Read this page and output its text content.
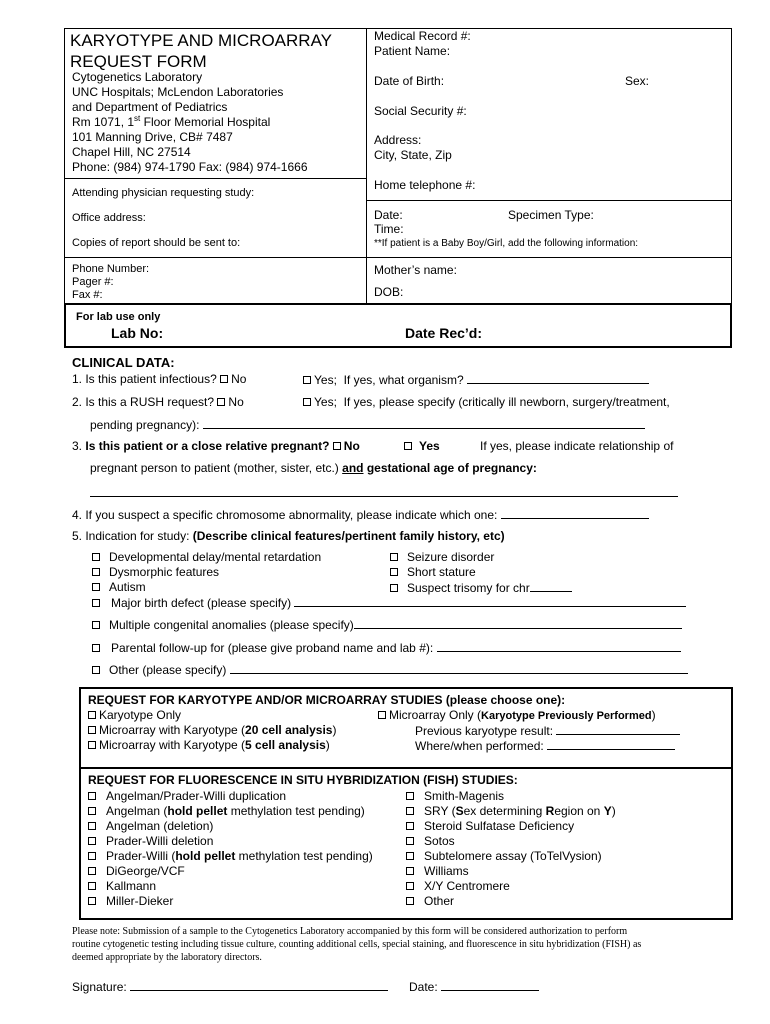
For lab use only
Lab No:	Date Rec’d:
KARYOTYPE AND MICROARRAY
REQUEST FORM
Cytogenetics Laboratory
UNC Hospitals; McLendon Laboratories
and Department of Pediatrics
Rm 1071, 1st Floor Memorial Hospital
101 Manning Drive, CB# 7487
Chapel Hill, NC 27514
Phone: (984) 974-1790 Fax: (984) 974-1666
Attending physician requesting study:
Office address:
Copies of report should be sent to:
Phone Number:
Pager #:
Fax #:
Medical Record #:
Patient Name:
Date of Birth:	Sex:
Social Security #:
Address:
City, State, Zip
Home telephone #:
Date:	Specimen Type:
Time:
**If patient is a Baby Boy/Girl, add the following information:
Mother’s name:
DOB:
CLINICAL DATA:
1. Is this patient infectious? No	Yes; If yes, what organism?
2. Is this a RUSH request? No	Yes; If yes, please specify (critically ill newborn, surgery/treatment,
pending pregnancy):
3. Is this patient or a close relative pregnant? No	Yes	If yes, please indicate relationship of
pregnant person to patient (mother, sister, etc.) and gestational age of pregnancy:
4. If you suspect a specific chromosome abnormality, please indicate which one:
5. Indication for study: (Describe clinical features/pertinent family history, etc)
Developmental delay/mental retardation
Dysmorphic features
Autism
Seizure disorder
Short stature
Suspect trisomy for chr
Major birth defect (please specify)
Multiple congenital anomalies (please specify)
Parental follow-up for (please give proband name and lab #):
Other (please specify)
REQUEST FOR KARYOTYPE AND/OR MICROARRAY STUDIES (please choose one):
Karyotype Only
Microarray with Karyotype (20 cell analysis)
Microarray with Karyotype (5 cell analysis)
Microarray Only (Karyotype Previously Performed)
Previous karyotype result:
Where/when performed:
REQUEST FOR FLUORESCENCE IN SITU HYBRIDIZATION (FISH) STUDIES:
Angelman/Prader-Willi duplication
Angelman (hold pellet methylation test pending)
Angelman (deletion)
Prader-Willi deletion
Prader-Willi (hold pellet methylation test pending)
DiGeorge/VCF
Kallmann
Miller-Dieker
Smith-Magenis
SRY (Sex determining Region on Y)
Steroid Sulfatase Deficiency
Sotos
Subtelomere assay (ToTelVysion)
Williams
X/Y Centromere
Other
Please note: Submission of a sample to the Cytogenetics Laboratory accompanied by this form will be considered authorization to perform
routine cytogenetic testing including tissue culture, counting additional cells, special staining, and fluorescence in situ hybridization (FISH) as
deemed appropriate by the laboratory directors.
Signature:	Date:
